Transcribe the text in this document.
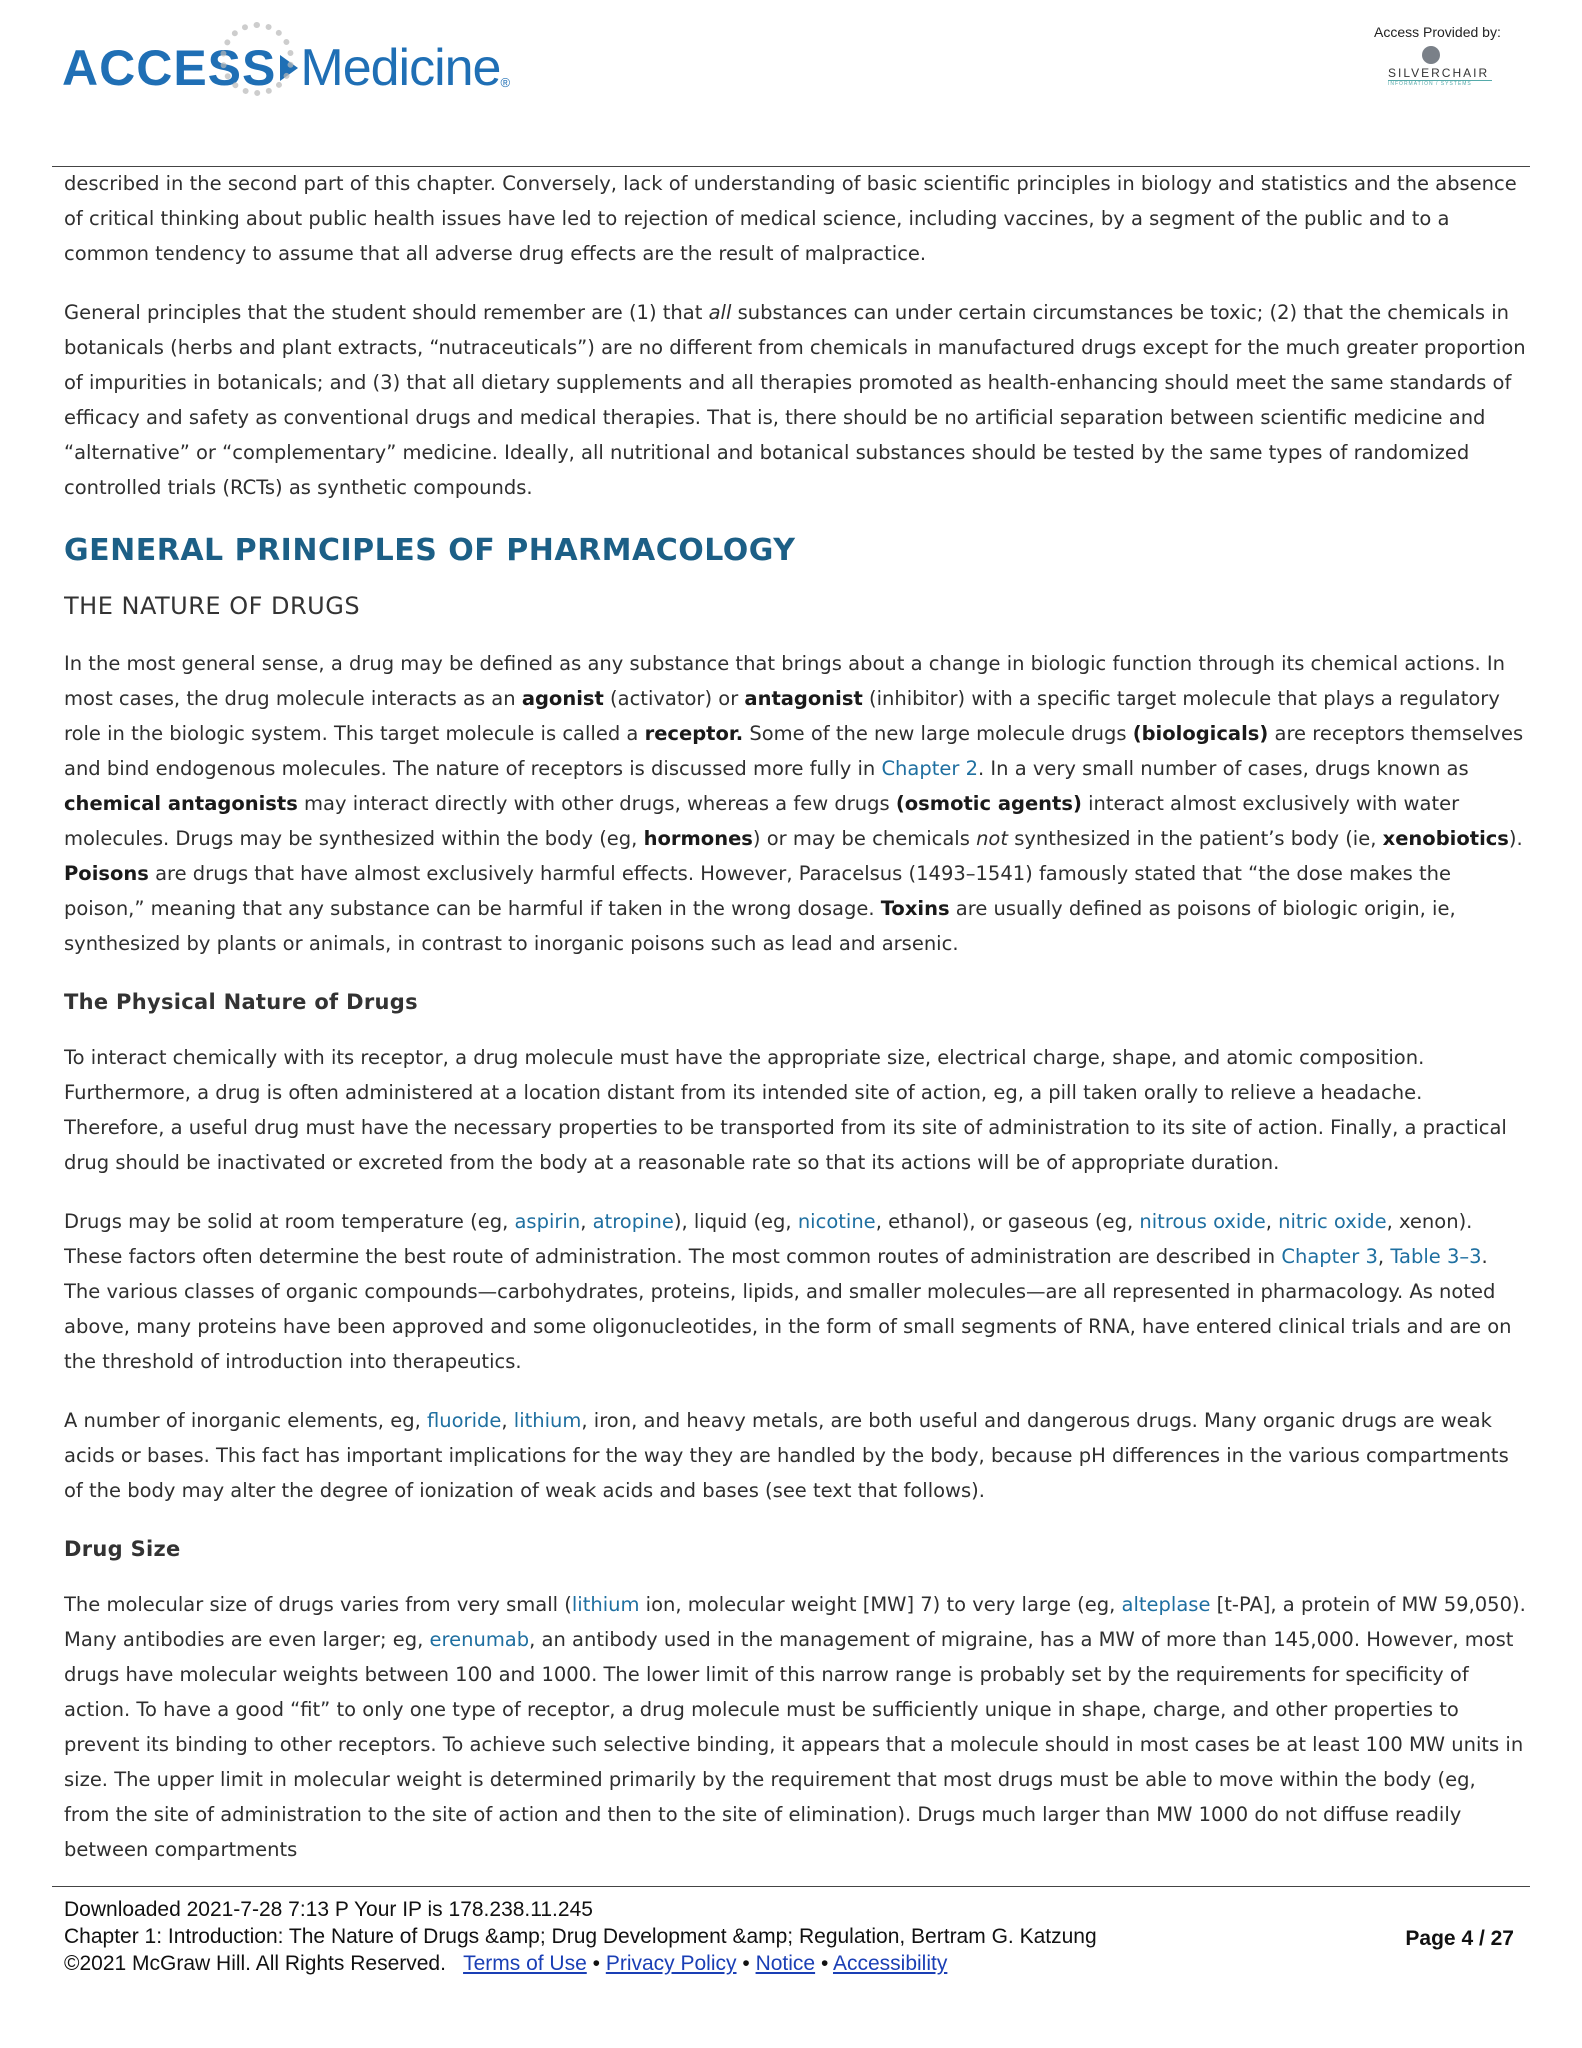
ACCESS Medicine ®
Access Provided by:
SILVERCHAIR
INFORMATION / SYSTEMS

described in the second part of this chapter. Conversely, lack of understanding of basic scientific principles in biology and statistics and the absence of critical thinking about public health issues have led to rejection of medical science, including vaccines, by a segment of the public and to a common tendency to assume that all adverse drug effects are the result of malpractice.

General principles that the student should remember are (1) that all substances can under certain circumstances be toxic; (2) that the chemicals in botanicals (herbs and plant extracts, “nutraceuticals”) are no different from chemicals in manufactured drugs except for the much greater proportion of impurities in botanicals; and (3) that all dietary supplements and all therapies promoted as health-enhancing should meet the same standards of efficacy and safety as conventional drugs and medical therapies. That is, there should be no artificial separation between scientific medicine and “alternative” or “complementary” medicine. Ideally, all nutritional and botanical substances should be tested by the same types of randomized controlled trials (RCTs) as synthetic compounds.

GENERAL PRINCIPLES OF PHARMACOLOGY
THE NATURE OF DRUGS

In the most general sense, a drug may be defined as any substance that brings about a change in biologic function through its chemical actions. In most cases, the drug molecule interacts as an agonist (activator) or antagonist (inhibitor) with a specific target molecule that plays a regulatory role in the biologic system. This target molecule is called a receptor. Some of the new large molecule drugs (biologicals) are receptors themselves and bind endogenous molecules. The nature of receptors is discussed more fully in Chapter 2. In a very small number of cases, drugs known as chemical antagonists may interact directly with other drugs, whereas a few drugs (osmotic agents) interact almost exclusively with water molecules. Drugs may be synthesized within the body (eg, hormones) or may be chemicals not synthesized in the patient’s body (ie, xenobiotics). Poisons are drugs that have almost exclusively harmful effects. However, Paracelsus (1493–1541) famously stated that “the dose makes the poison,” meaning that any substance can be harmful if taken in the wrong dosage. Toxins are usually defined as poisons of biologic origin, ie, synthesized by plants or animals, in contrast to inorganic poisons such as lead and arsenic.

The Physical Nature of Drugs

To interact chemically with its receptor, a drug molecule must have the appropriate size, electrical charge, shape, and atomic composition. Furthermore, a drug is often administered at a location distant from its intended site of action, eg, a pill taken orally to relieve a headache. Therefore, a useful drug must have the necessary properties to be transported from its site of administration to its site of action. Finally, a practical drug should be inactivated or excreted from the body at a reasonable rate so that its actions will be of appropriate duration.

Drugs may be solid at room temperature (eg, aspirin, atropine), liquid (eg, nicotine, ethanol), or gaseous (eg, nitrous oxide, nitric oxide, xenon). These factors often determine the best route of administration. The most common routes of administration are described in Chapter 3, Table 3–3. The various classes of organic compounds—carbohydrates, proteins, lipids, and smaller molecules—are all represented in pharmacology. As noted above, many proteins have been approved and some oligonucleotides, in the form of small segments of RNA, have entered clinical trials and are on the threshold of introduction into therapeutics.

A number of inorganic elements, eg, fluoride, lithium, iron, and heavy metals, are both useful and dangerous drugs. Many organic drugs are weak acids or bases. This fact has important implications for the way they are handled by the body, because pH differences in the various compartments of the body may alter the degree of ionization of weak acids and bases (see text that follows).

Drug Size

The molecular size of drugs varies from very small (lithium ion, molecular weight [MW] 7) to very large (eg, alteplase [t-PA], a protein of MW 59,050). Many antibodies are even larger; eg, erenumab, an antibody used in the management of migraine, has a MW of more than 145,000. However, most drugs have molecular weights between 100 and 1000. The lower limit of this narrow range is probably set by the requirements for specificity of action. To have a good “fit” to only one type of receptor, a drug molecule must be sufficiently unique in shape, charge, and other properties to prevent its binding to other receptors. To achieve such selective binding, it appears that a molecule should in most cases be at least 100 MW units in size. The upper limit in molecular weight is determined primarily by the requirement that most drugs must be able to move within the body (eg, from the site of administration to the site of action and then to the site of elimination). Drugs much larger than MW 1000 do not diffuse readily between compartments

Downloaded 2021-7-28 7:13 P Your IP is 178.238.11.245
Chapter 1: Introduction: The Nature of Drugs &amp; Drug Development &amp; Regulation, Bertram G. Katzung
©2021 McGraw Hill. All Rights Reserved. Terms of Use • Privacy Policy • Notice • Accessibility
Page 4 / 27
